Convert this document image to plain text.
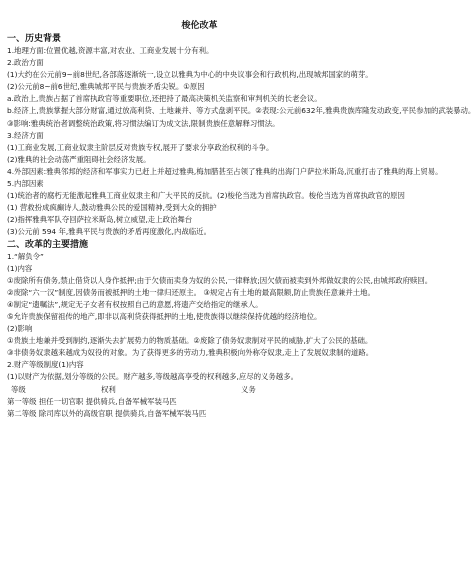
梭伦改革
一、历史背景
1.地理方面:位置优越,资源丰富,对农业、工商业发展十分有利。
2.政治方面
(1)大约在公元前9~前8世纪,各部落逐渐统一,设立以雅典为中心的中央议事会和行政机构,出现城邦国家的萌芽。
(2)公元前8~前6世纪,雅典城邦平民与贵族矛盾尖锐。①原因
a.政治上,贵族占据了首席执政官等重要职位,还把持了最高决策机关监察和审判机关的长老会议。
b.经济上,贵族掌握大部分财富,通过放高利贷、土地兼并、等方式盘剥平民。②表现:公元前632年,雅典贵族库隆发动政变,平民参加的武装暴动。
③影响:雅典统治者调整统治政策,将习惯法编订为成文法,限制贵族任意解释习惯法。
3.经济方面
(1)工商业发展,工商业奴隶主阶层反对贵族专权,展开了要求分享政治权利的斗争。
(2)雅典的社会动荡严重阻碍社会经济发展。
4.外部因素:雅典邻邦的经济和军事实力已赶上并超过雅典,梅加腊甚至占领了雅典的出海门户萨拉米斯岛,沉重打击了雅典的海上贸易。
5.内部因素
(1)统治者的腐朽无能激起雅典工商业奴隶主和广大平民的反抗。(2)梭伦当选为首席执政官。梭伦当选为首席执政官的原因
(1) 营救扮成疯癫诗人,鼓动雅典公民的爱国精神,受到大众的拥护
(2)指挥雅典军队夺回萨拉米斯岛,树立威望,走上政治舞台
(3)公元前 594 年,雅典平民与贵族的矛盾再度激化,内战临近。
二、改革的主要措施
1.“解负令”
(1)内容
①废除所有债务,禁止借贷以人身作抵押;由于欠债而卖身为奴的公民,一律释放;因欠债而被卖到外邦做奴隶的公民,由城邦政府赎回。
②废除“六一汉”制度,因债务而被抵押的土地一律归还原主。 ③规定占有土地的最高限额,防止贵族任意兼并土地。
④制定“遗嘱法”,规定无子女者有权按照自己的意愿,将遗产交给指定的继承人。
⑤允许贵族保留祖传的地产,即非以高利贷获得抵押的土地,使贵族得以继续保持优越的经济地位。
(2)影响
①贵族土地兼并受到制约,逐渐失去扩展势力的物质基础。②废除了债务奴隶制对平民的威胁,扩大了公民的基础。
③非债务奴隶越来越成为奴役的对象。为了获得更多的劳动力,雅典积极向外称夺奴隶,走上了发展奴隶制的道路。
2.财产等级制度(1)内容
(1)以财产为依据,划分等级的公民。财产越多,等级越高享受的权利越多,应尽的义务越多。
等级	权利	义务
第一等级 担任一切官职 提供骑兵,自备军械军装马匹
第二等级 除司库以外的高级官职 提供骑兵,自备军械军装马匹
